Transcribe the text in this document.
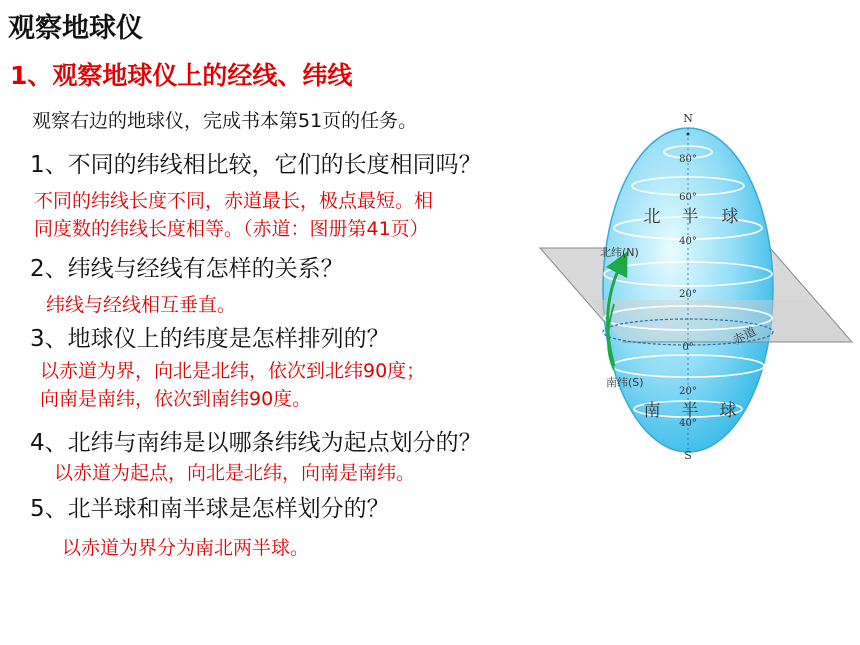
观察地球仪
1、观察地球仪上的经线、纬线
观察右边的地球仪，完成书本第51页的任务。
1、不同的纬线相比较，它们的长度相同吗？
不同的纬线长度不同，赤道最长，极点最短。相
同度数的纬线长度相等。（赤道：图册第41页）
2、纬线与经线有怎样的关系？
纬线与经线相互垂直。
3、地球仪上的纬度是怎样排列的？
以赤道为界，向北是北纬，依次到北纬90度；
向南是南纬，依次到南纬90度。
4、北纬与南纬是以哪条纬线为起点划分的？
以赤道为起点，向北是北纬，向南是南纬。
5、北半球和南半球是怎样划分的？
以赤道为界分为南北两半球。
N
S
80°
60°
40°
20°
0°
20°
40°
北 半 球
南 半 球
北纬(N)
南纬(S)
赤道
